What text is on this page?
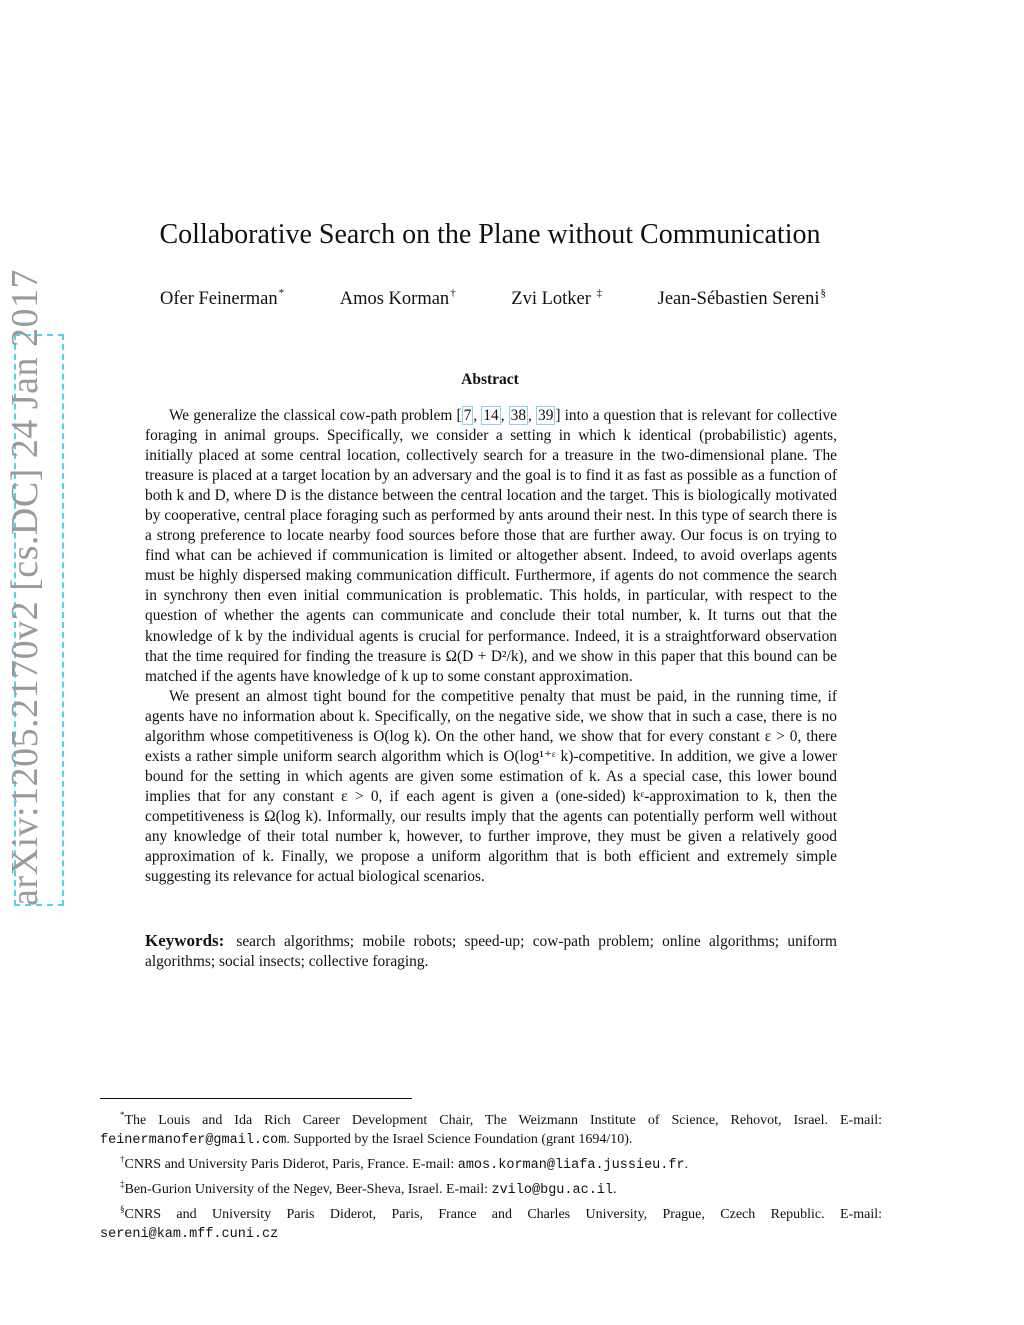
arXiv:1205.2170v2 [cs.DC] 24 Jan 2017
Collaborative Search on the Plane without Communication
Ofer Feinerman*	Amos Korman†	Zvi Lotker ‡	Jean-Sébastien Sereni§
Abstract

We generalize the classical cow-path problem [ 7 , 14 , 38 , 39 ] into a question that is relevant for collective foraging in animal groups. Specifically, we consider a setting in which k identical (probabilistic) agents, initially placed at some central location, collectively search for a treasure in the two-dimensional plane. The treasure is placed at a target location by an adversary and the goal is to find it as fast as possible as a function of both k and D, where D is the distance between the central location and the target. This is biologically motivated by cooperative, central place foraging such as performed by ants around their nest. In this type of search there is a strong preference to locate nearby food sources before those that are further away. Our focus is on trying to find what can be achieved if communication is limited or altogether absent. Indeed, to avoid overlaps agents must be highly dispersed making communication difficult. Furthermore, if agents do not commence the search in synchrony then even initial communication is problematic. This holds, in particular, with respect to the question of whether the agents can communicate and conclude their total number, k. It turns out that the knowledge of k by the individual agents is crucial for performance. Indeed, it is a straightforward observation that the time required for finding the treasure is Ω(D + D²/k), and we show in this paper that this bound can be matched if the agents have knowledge of k up to some constant approximation.

We present an almost tight bound for the competitive penalty that must be paid, in the running time, if agents have no information about k. Specifically, on the negative side, we show that in such a case, there is no algorithm whose competitiveness is O(log k). On the other hand, we show that for every constant ε > 0, there exists a rather simple uniform search algorithm which is O(log¹⁺ᵋ k)-competitive. In addition, we give a lower bound for the setting in which agents are given some estimation of k. As a special case, this lower bound implies that for any constant ε > 0, if each agent is given a (one-sided) kᵋ-approximation to k, then the competitiveness is Ω(log k). Informally, our results imply that the agents can potentially perform well without any knowledge of their total number k, however, to further improve, they must be given a relatively good approximation of k. Finally, we propose a uniform algorithm that is both efficient and extremely simple suggesting its relevance for actual biological scenarios.

Keywords: search algorithms; mobile robots; speed-up; cow-path problem; online algorithms; uniform algorithms; social insects; collective foraging.

*The Louis and Ida Rich Career Development Chair, The Weizmann Institute of Science, Rehovot, Israel. E-mail: feinermanofer@gmail.com. Supported by the Israel Science Foundation (grant 1694/10).

†CNRS and University Paris Diderot, Paris, France. E-mail: amos.korman@liafa.jussieu.fr.

‡Ben-Gurion University of the Negev, Beer-Sheva, Israel. E-mail: zvilo@bgu.ac.il.

§CNRS and University Paris Diderot, Paris, France and Charles University, Prague, Czech Republic. E-mail: sereni@kam.mff.cuni.cz
